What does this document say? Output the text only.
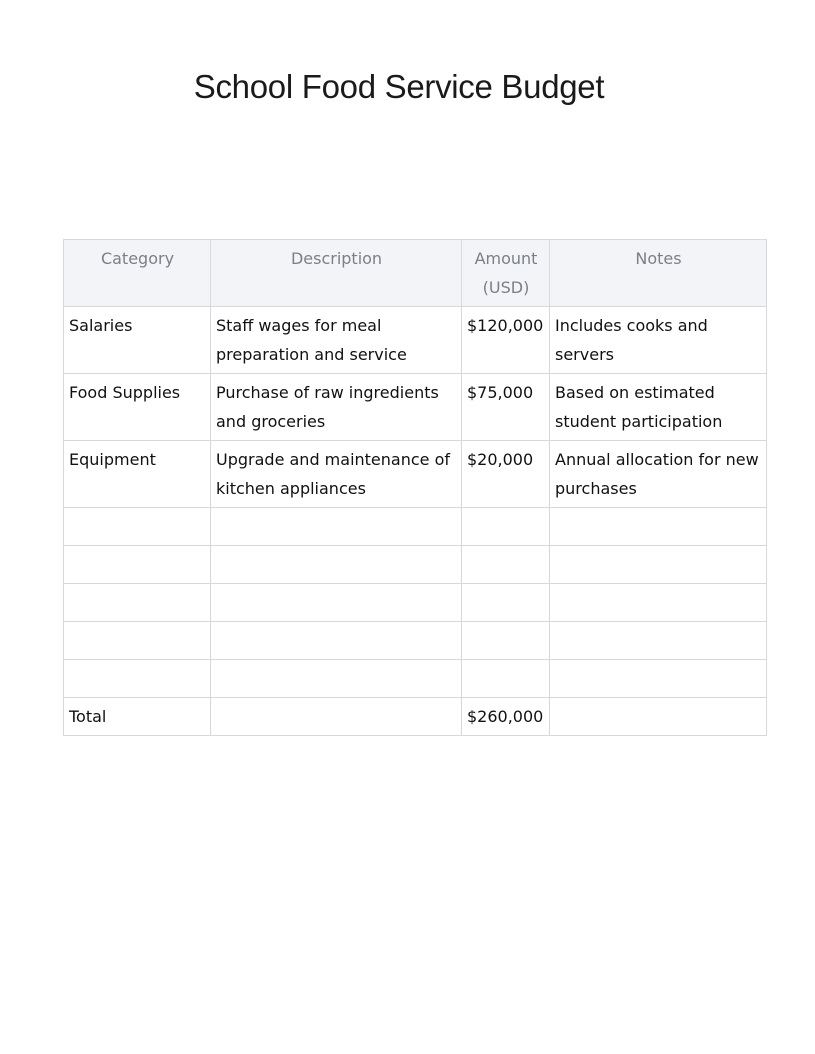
School Food Service Budget
Category	Description	Amount (USD)	Notes
Salaries	Staff wages for meal preparation and service	$120,000	Includes cooks and servers
Food Supplies	Purchase of raw ingredients and groceries	$75,000	Based on estimated student participation
Equipment	Upgrade and maintenance of kitchen appliances	$20,000	Annual allocation for new purchases

Total		$260,000	
